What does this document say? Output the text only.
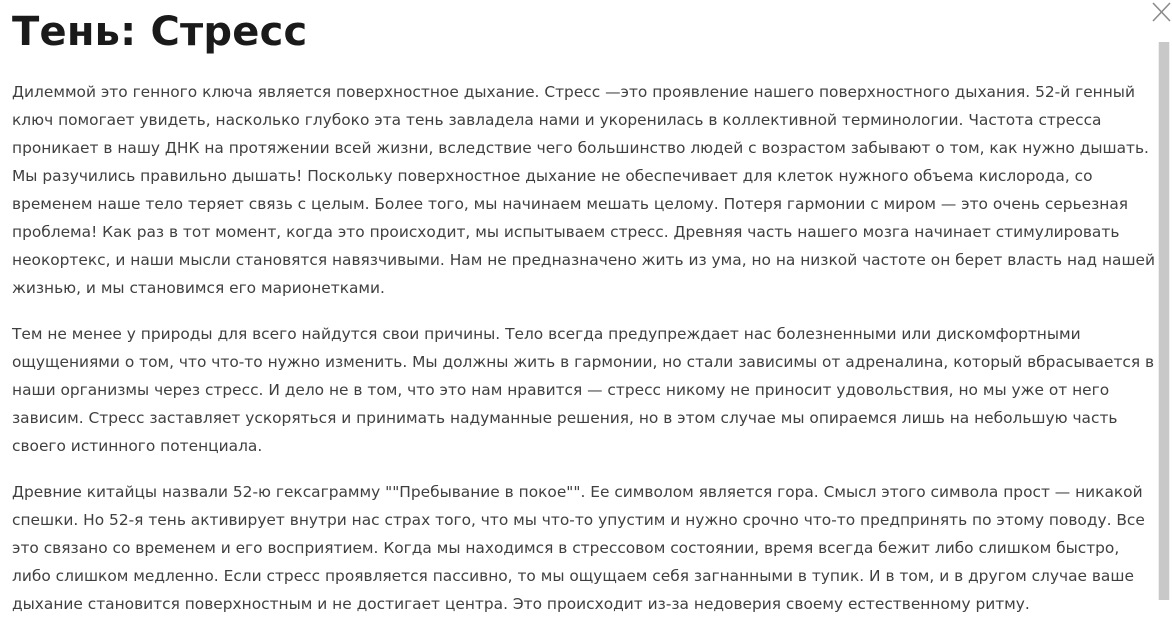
Тень: Стресс

Дилеммой это генного ключа является поверхностное дыхание. Стресс —это проявление нашего поверхностного дыхания. 52-й генный ключ помогает увидеть, насколько глубоко эта тень завладела нами и укоренилась в коллективной терминологии. Частота стресса проникает в нашу ДНК на протяжении всей жизни, вследствие чего большинство людей с возрастом забывают о том, как нужно дышать. Мы разучились правильно дышать! Поскольку поверхностное дыхание не обеспечивает для клеток нужного объема кислорода, со временем наше тело теряет связь с целым. Более того, мы начинаем мешать целому. Потеря гармонии с миром — это очень серьезная проблема! Как раз в тот момент, когда это происходит, мы испытываем стресс. Древняя часть нашего мозга начинает стимулировать неокортекс, и наши мысли становятся навязчивыми. Нам не предназначено жить из ума, но на низкой частоте он берет власть над нашей жизнью, и мы становимся его марионетками.

Тем не менее у природы для всего найдутся свои причины. Тело всегда предупреждает нас болезненными или дискомфортными ощущениями о том, что что-то нужно изменить. Мы должны жить в гармонии, но стали зависимы от адреналина, который вбрасывается в наши организмы через стресс. И дело не в том, что это нам нравится — стресс никому не приносит удовольствия, но мы уже от него зависим. Стресс заставляет ускоряться и принимать надуманные решения, но в этом случае мы опираемся лишь на небольшую часть своего истинного потенциала.

Древние китайцы назвали 52-ю гексаграмму ""Пребывание в покое"". Ее символом является гора. Смысл этого символа прост — никакой спешки. Но 52-я тень активирует внутри нас страх того, что мы что-то упустим и нужно срочно что-то предпринять по этому поводу. Все это связано со временем и его восприятием. Когда мы находимся в стрессовом состоянии, время всегда бежит либо слишком быстро, либо слишком медленно. Если стресс проявляется пассивно, то мы ощущаем себя загнанными в тупик. И в том, и в другом случае ваше дыхание становится поверхностным и не достигает центра. Это происходит из-за недоверия своему естественному ритму.
